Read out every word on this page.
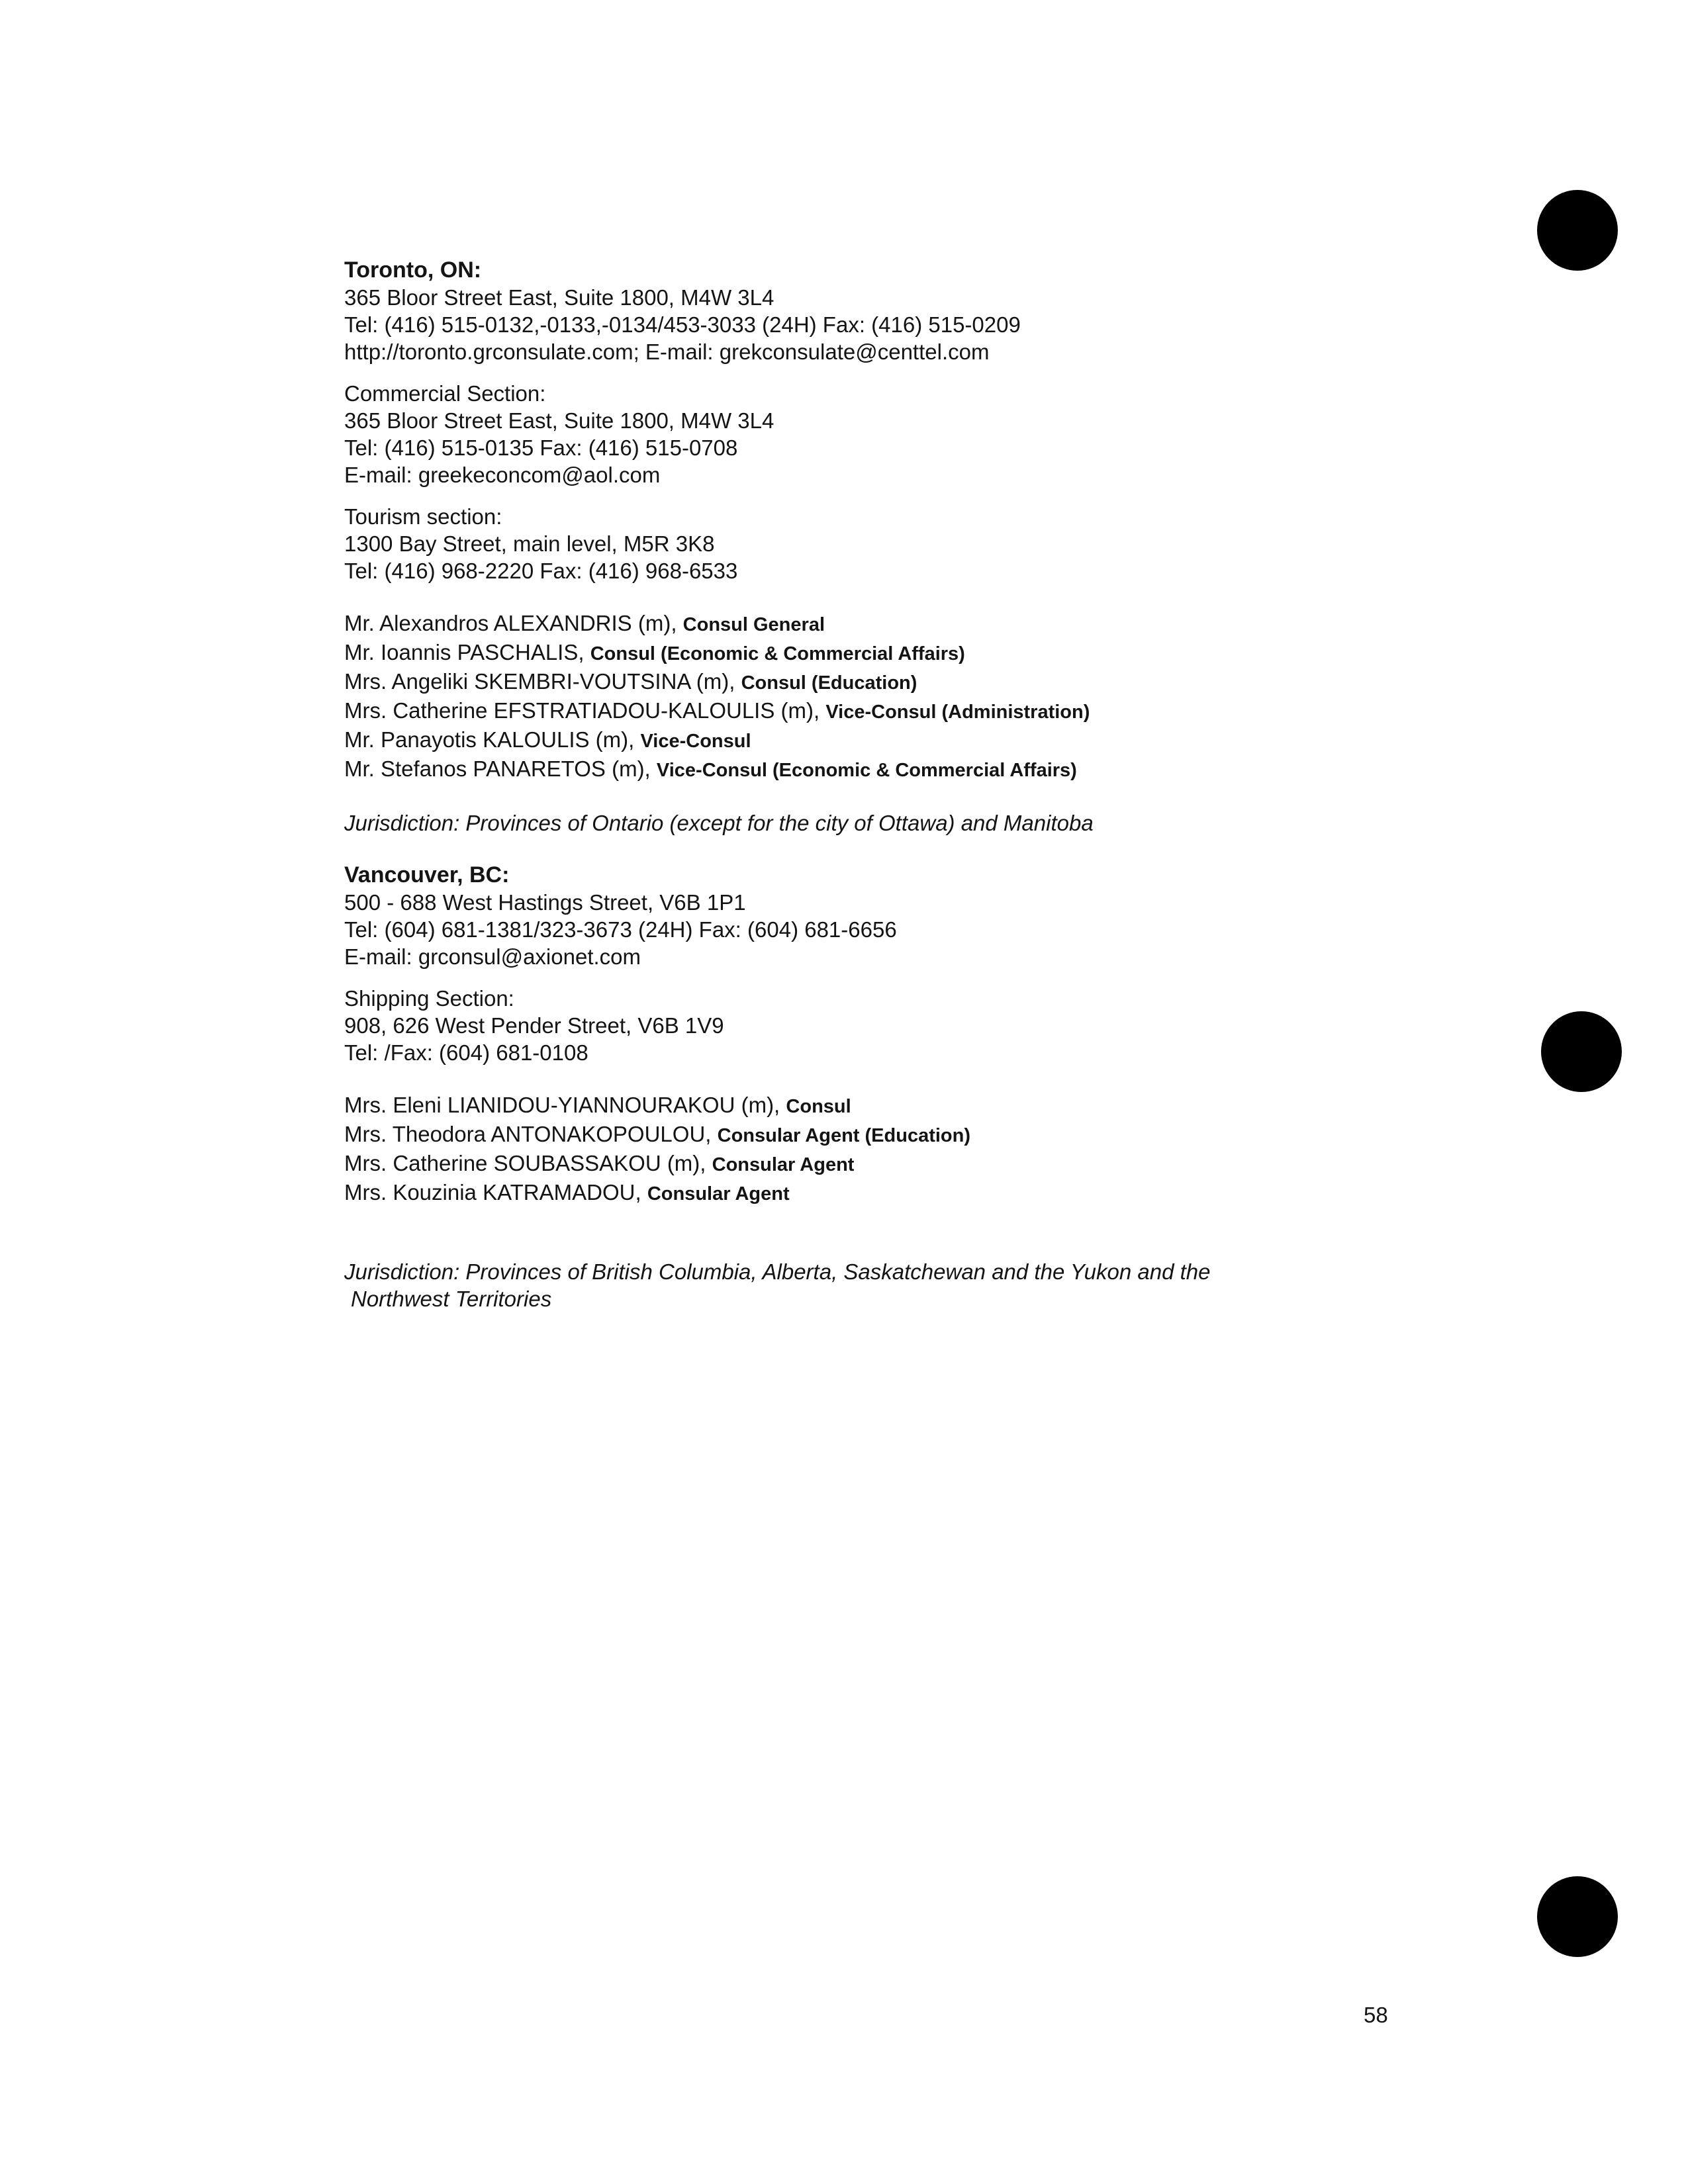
Toronto, ON:
365 Bloor Street East, Suite 1800, M4W 3L4
Tel: (416) 515-0132,-0133,-0134/453-3033 (24H) Fax: (416) 515-0209
http://toronto.grconsulate.com; E-mail: grekconsulate@centtel.com
Commercial Section:
365 Bloor Street East, Suite 1800, M4W 3L4
Tel: (416) 515-0135 Fax: (416) 515-0708
E-mail: greekeconcom@aol.com
Tourism section:
1300 Bay Street, main level, M5R 3K8
Tel: (416) 968-2220 Fax: (416) 968-6533
Mr. Alexandros ALEXANDRIS (m), Consul General
Mr. Ioannis PASCHALIS, Consul (Economic & Commercial Affairs)
Mrs. Angeliki SKEMBRI-VOUTSINA (m), Consul (Education)
Mrs. Catherine EFSTRATIADOU-KALOULIS (m), Vice-Consul (Administration)
Mr. Panayotis KALOULIS (m), Vice-Consul
Mr. Stefanos PANARETOS (m), Vice-Consul (Economic & Commercial Affairs)
Jurisdiction: Provinces of Ontario (except for the city of Ottawa) and Manitoba
Vancouver, BC:
500 - 688 West Hastings Street, V6B 1P1
Tel: (604) 681-1381/323-3673 (24H) Fax: (604) 681-6656
E-mail: grconsul@axionet.com
Shipping Section:
908, 626 West Pender Street, V6B 1V9
Tel: /Fax: (604) 681-0108
Mrs. Eleni LIANIDOU-YIANNOURAKOU (m), Consul
Mrs. Theodora ANTONAKOPOULOU, Consular Agent (Education)
Mrs. Catherine SOUBASSAKOU (m), Consular Agent
Mrs. Kouzinia KATRAMADOU, Consular Agent
Jurisdiction: Provinces of British Columbia, Alberta, Saskatchewan and the Yukon and the
Northwest Territories
58
